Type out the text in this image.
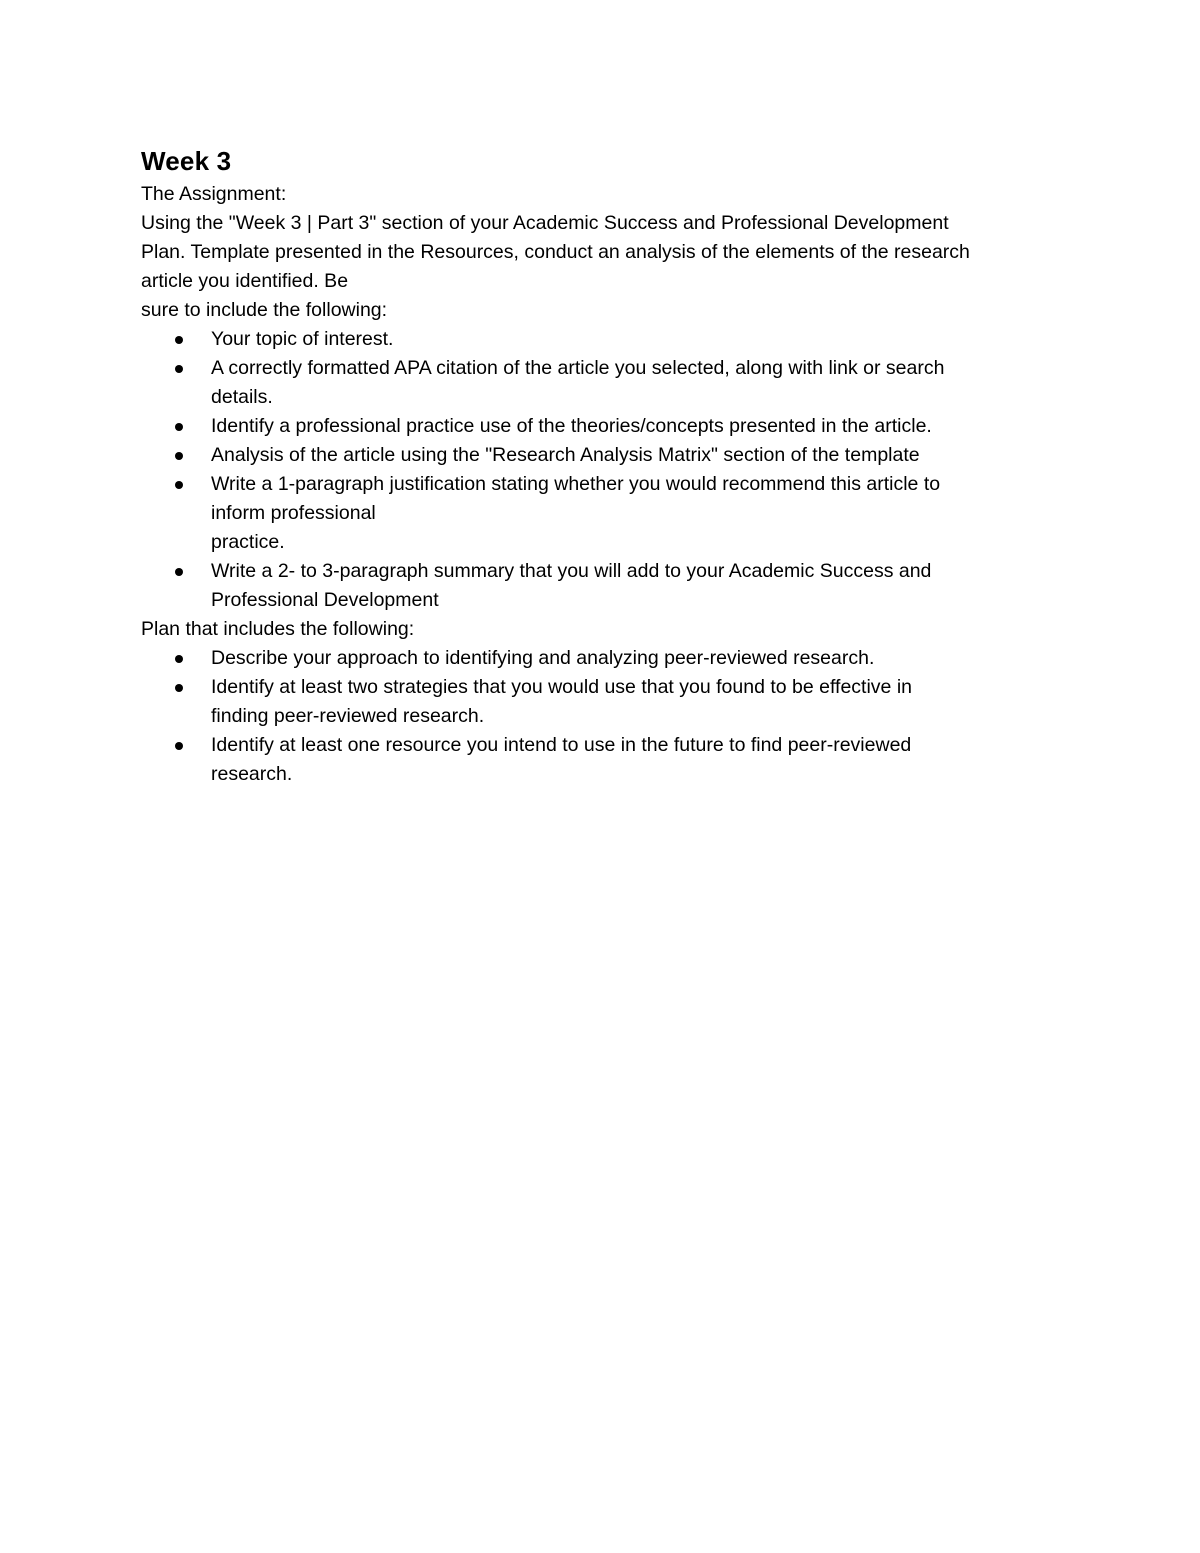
Week 3

The Assignment:

Using the "Week 3 | Part 3" section of your Academic Success and Professional Development

Plan. Template presented in the Resources, conduct an analysis of the elements of the research

article you identified. Be

sure to include the following:

Your topic of interest.
A correctly formatted APA citation of the article you selected, along with link or search
details.
Identify a professional practice use of the theories/concepts presented in the article.
Analysis of the article using the "Research Analysis Matrix" section of the template
Write a 1-paragraph justification stating whether you would recommend this article to
inform professional
practice.
Write a 2- to 3-paragraph summary that you will add to your Academic Success and
Professional Development

Plan that includes the following:

Describe your approach to identifying and analyzing peer-reviewed research.
Identify at least two strategies that you would use that you found to be effective in
finding peer-reviewed research.
Identify at least one resource you intend to use in the future to find peer-reviewed
research.
